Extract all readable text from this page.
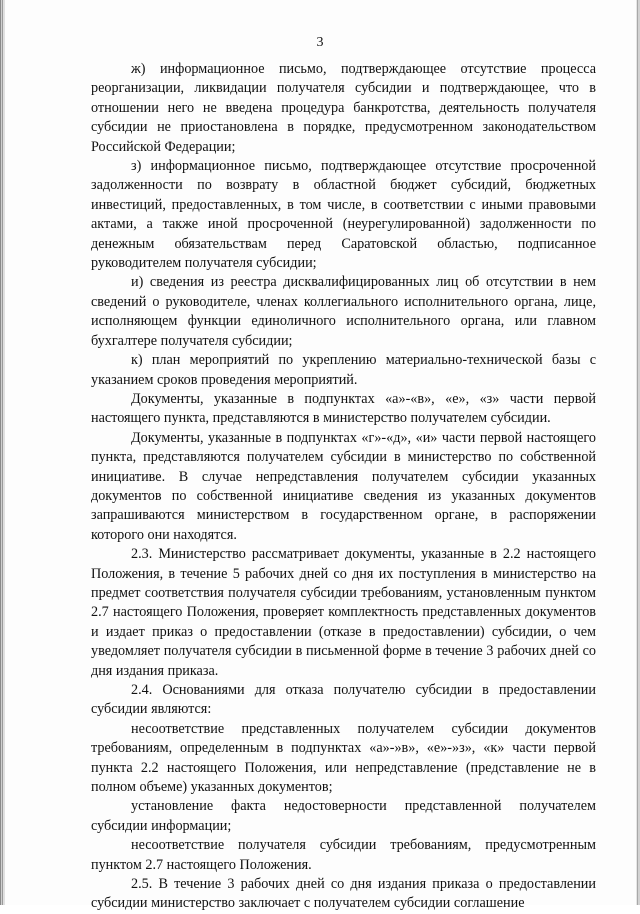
3

ж) информационное письмо, подтверждающее отсутствие процесса реорганизации, ликвидации получателя субсидии и подтверждающее, что в отношении него не введена процедура банкротства, деятельность получателя субсидии не приостановлена в порядке, предусмотренном законодательством Российской Федерации;

з) информационное письмо, подтверждающее отсутствие просроченной задолженности по возврату в областной бюджет субсидий, бюджетных инвестиций, предоставленных, в том числе, в соответствии с иными правовыми актами, а также иной просроченной (неурегулированной) задолженности по денежным обязательствам перед Саратовской областью, подписанное руководителем получателя субсидии;

и) сведения из реестра дисквалифицированных лиц об отсутствии в нем сведений о руководителе, членах коллегиального исполнительного органа, лице, исполняющем функции единоличного исполнительного органа, или главном бухгалтере получателя субсидии;

к) план мероприятий по укреплению материально-технической базы с указанием сроков проведения мероприятий.

Документы, указанные в подпунктах «а»-«в», «е», «з» части первой настоящего пункта, представляются в министерство получателем субсидии.

Документы, указанные в подпунктах «г»-«д», «и» части первой настоящего пункта, представляются получателем субсидии в министерство по собственной инициативе. В случае непредставления получателем субсидии указанных документов по собственной инициативе сведения из указанных документов запрашиваются министерством в государственном органе, в распоряжении которого они находятся.

2.3. Министерство рассматривает документы, указанные в 2.2 настоящего Положения, в течение 5 рабочих дней со дня их поступления в министерство на предмет соответствия получателя субсидии требованиям, установленным пунктом 2.7 настоящего Положения, проверяет комплектность представленных документов и издает приказ о предоставлении (отказе в предоставлении) субсидии, о чем уведомляет получателя субсидии в письменной форме в течение 3 рабочих дней со дня издания приказа.

2.4. Основаниями для отказа получателю субсидии в предоставлении субсидии являются:

несоответствие представленных получателем субсидии документов требованиям, определенным в подпунктах «а»-»в», «е»-»з», «к» части первой пункта 2.2 настоящего Положения, или непредставление (представление не в полном объеме) указанных документов;

установление факта недостоверности представленной получателем субсидии информации;

несоответствие получателя субсидии требованиям, предусмотренным пунктом 2.7 настоящего Положения.

2.5. В течение 3 рабочих дней со дня издания приказа о предоставлении субсидии министерство заключает с получателем субсидии соглашение
